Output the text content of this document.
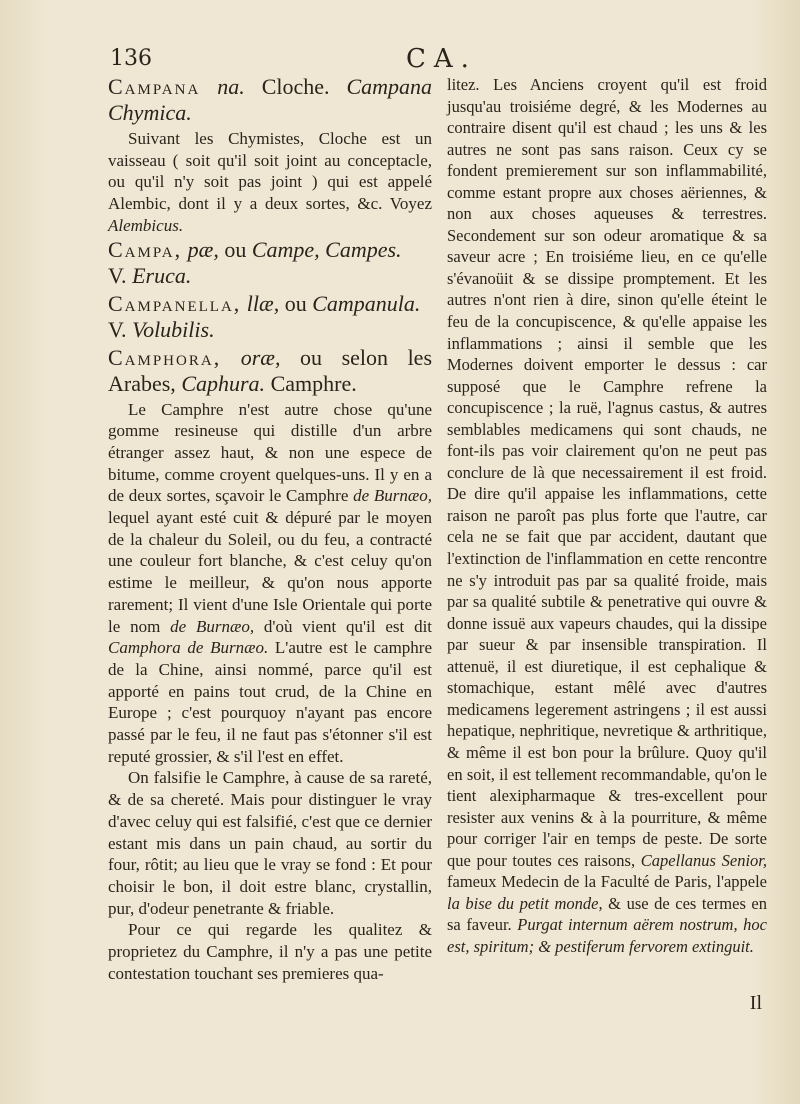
136	CA.

Campana na. Cloche. Campana Chymica.

Suivant les Chymistes, Cloche est un vaisseau ( soit qu'il soit joint au conceptacle, ou qu'il n'y soit pas joint ) qui est appelé Alembic, dont il y a deux sortes, &c. Voyez Alembicus.

Campa, pæ, ou Campe, Campes.
V. Eruca.

Campanella, llæ, ou Campanula.
V. Volubilis.

Camphora, oræ, ou selon les Arabes, Caphura. Camphre.

Le Camphre n'est autre chose qu'une gomme resineuse qui distille d'un arbre étranger assez haut, & non une espece de bitume, comme croyent quelques-uns. Il y en a de deux sortes, sçavoir le Camphre de Burnæo, lequel ayant esté cuit & dépuré par le moyen de la chaleur du Soleil, ou du feu, a contracté une couleur fort blanche, & c'est celuy qu'on estime le meilleur, & qu'on nous apporte rarement; Il vient d'une Isle Orientale qui porte le nom de Burnæo, d'où vient qu'il est dit Camphora de Burnæo. L'autre est le camphre de la Chine, ainsi nommé, parce qu'il est apporté en pains tout crud, de la Chine en Europe ; c'est pourquoy n'ayant pas encore passé par le feu, il ne faut pas s'étonner s'il est reputé grossier, & s'il l'est en effet.

On falsifie le Camphre, à cause de sa rareté, & de sa chereté. Mais pour distinguer le vray d'avec celuy qui est falsifié, c'est que ce dernier estant mis dans un pain chaud, au sortir du four, rôtit; au lieu que le vray se fond : Et pour choisir le bon, il doit estre blanc, crystallin, pur, d'odeur penetrante & friable.

Pour ce qui regarde les qualitez & proprietez du Camphre, il n'y a pas une petite contestation touchant ses premieres qua-

litez. Les Anciens croyent qu'il est froid jusqu'au troisiéme degré, & les Modernes au contraire disent qu'il est chaud ; les uns & les autres ne sont pas sans raison. Ceux cy se fondent premierement sur son inflammabilité, comme estant propre aux choses aëriennes, & non aux choses aqueuses & terrestres. Secondement sur son odeur aromatique & sa saveur acre ; En troisiéme lieu, en ce qu'elle s'évanoüit & se dissipe promptement. Et les autres n'ont rien à dire, sinon qu'elle éteint le feu de la concupiscence, & qu'elle appaise les inflammations ; ainsi il semble que les Modernes doivent emporter le dessus : car supposé que le Camphre refrene la concupiscence ; la ruë, l'agnus castus, & autres semblables medicamens qui sont chauds, ne font-ils pas voir clairement qu'on ne peut pas conclure de là que necessairement il est froid. De dire qu'il appaise les inflammations, cette raison ne paroît pas plus forte que l'autre, car cela ne se fait que par accident, dautant que l'extinction de l'inflammation en cette rencontre ne s'y introduit pas par sa qualité froide, mais par sa qualité subtile & penetrative qui ouvre & donne issuë aux vapeurs chaudes, qui la dissipe par sueur & par insensible transpiration. Il attenuë, il est diuretique, il est cephalique & stomachique, estant mêlé avec d'autres medicamens legerement astringens ; il est aussi hepatique, nephritique, nevretique & arthritique, & même il est bon pour la brûlure. Quoy qu'il en soit, il est tellement recommandable, qu'on le tient alexipharmaque & tres-excellent pour resister aux venins & à la pourriture, & même pour corriger l'air en temps de peste. De sorte que pour toutes ces raisons, Capellanus Senior, fameux Medecin de la Faculté de Paris, l'appele la bise du petit monde, & use de ces termes en sa faveur. Purgat internum aërem nostrum, hoc est, spiritum; & pestiferum fervorem extinguit.

Il
